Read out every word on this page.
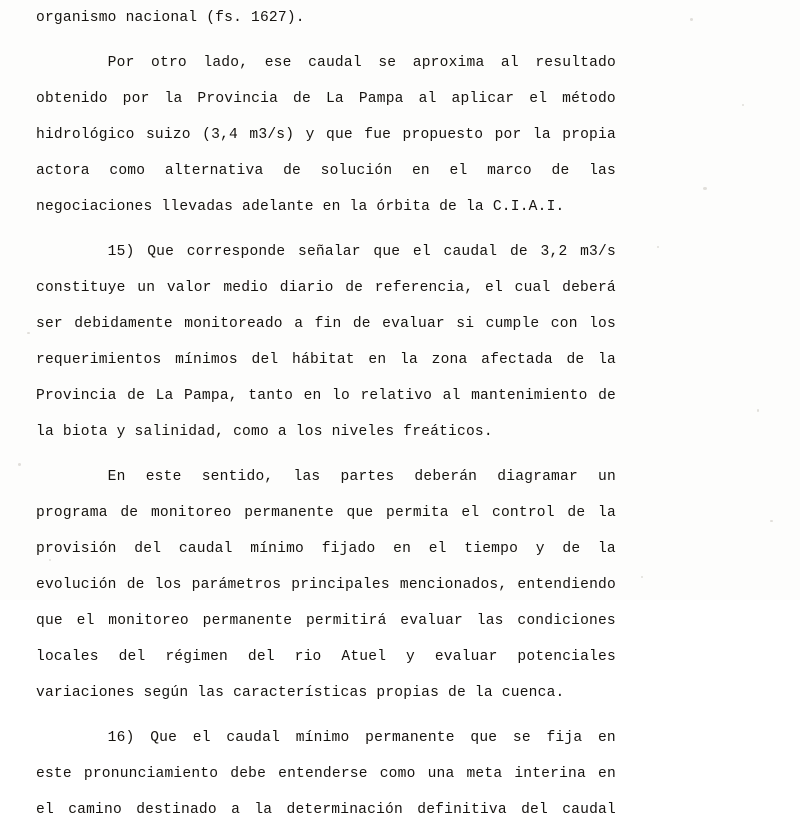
organismo nacional (fs. 1627).

Por otro lado, ese caudal se aproxima al resultado
obtenido por la Provincia de La Pampa al aplicar el método
hidrológico suizo (3,4 m3/s) y que fue propuesto por la propia
actora como alternativa de solución en el marco de las
negociaciones llevadas adelante en la órbita de la C.I.A.I.

15) Que corresponde señalar que el caudal de 3,2 m3/s
constituye un valor medio diario de referencia, el cual deberá
ser debidamente monitoreado a fin de evaluar si cumple con los
requerimientos mínimos del hábitat en la zona afectada de la
Provincia de La Pampa, tanto en lo relativo al mantenimiento de
la biota y salinidad, como a los niveles freáticos.

En este sentido, las partes deberán diagramar un
programa de monitoreo permanente que permita el control de la
provisión del caudal mínimo fijado en el tiempo y de la
evolución de los parámetros principales mencionados, entendiendo
que el monitoreo permanente permitirá evaluar las condiciones
locales del régimen del rio Atuel y evaluar potenciales
variaciones según las características propias de la cuenca.

16) Que el caudal mínimo permanente que se fija en
este pronunciamiento debe entenderse como una meta interina en
el camino destinado a la determinación definitiva del caudal
